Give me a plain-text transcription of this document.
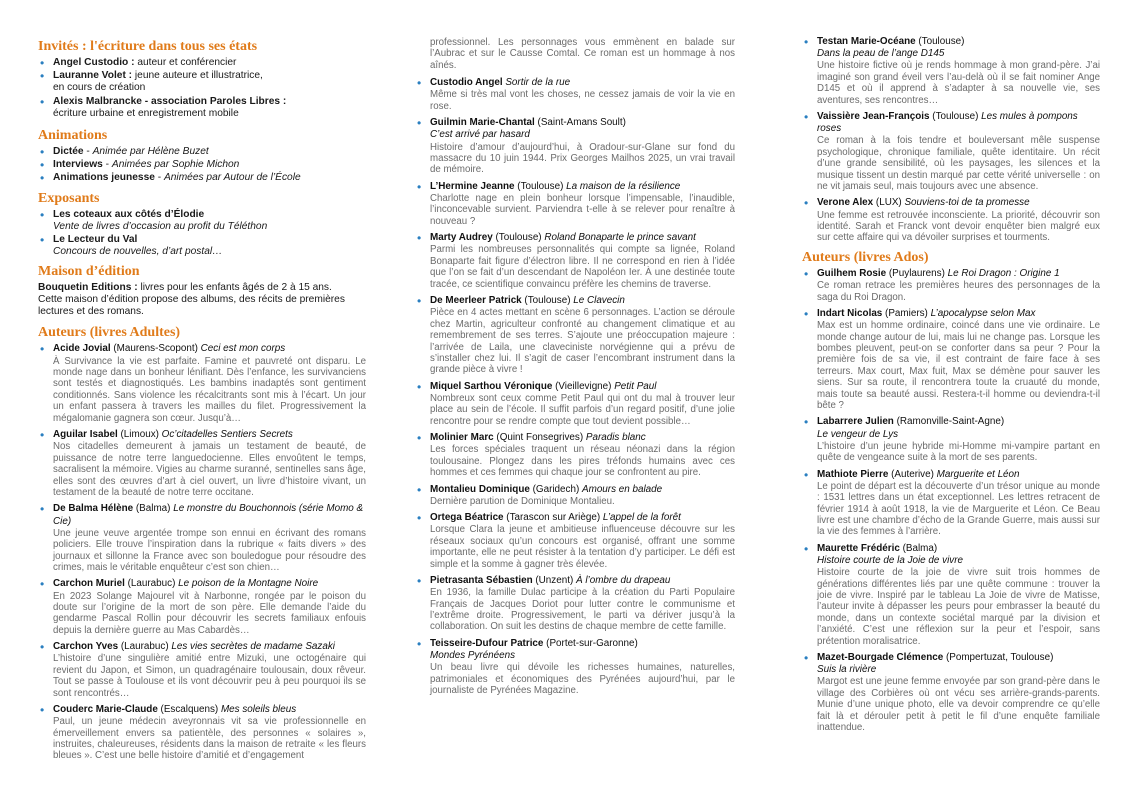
Invités : l'écriture dans tous ses états
• Angel Custodio : auteur et conférencier
• Lauranne Volet : jeune auteure et illustratrice,
en cours de création
• Alexis Malbrancke - association Paroles Libres :
écriture urbaine et enregistrement mobile
Animations
• Dictée - Animée par Hélène Buzet
• Interviews - Animées par Sophie Michon
• Animations jeunesse - Animées par Autour de l’École
Exposants
• Les coteaux aux côtés d’Élodie
Vente de livres d’occasion au profit du Téléthon
• Le Lecteur du Val
Concours de nouvelles, d’art postal…
Maison d’édition
Bouquetin Editions : livres pour les enfants âgés de 2 à 15 ans.
Cette maison d’édition propose des albums, des récits de premières lectures et des romans.
Auteurs (livres Adultes)
• Acide Jovial (Maurens-Scopont) Ceci est mon corps
À Survivance la vie est parfaite. Famine et pauvreté ont disparu. Le monde nage dans un bonheur lénifiant. Dès l’enfance, les survivanciens sont testés et diagnostiqués. Les bambins inadaptés sont gentiment conditionnés. Sans violence les récalcitrants sont mis à l’écart. Un jour un enfant passera à travers les mailles du filet. Progressivement la mégalomanie gagnera son cœur. Jusqu’à…
• Aguilar Isabel (Limoux) Oc’citadelles Sentiers Secrets
Nos citadelles demeurent à jamais un testament de beauté, de puissance de notre terre languedocienne. Elles envoûtent le temps, sacralisent la mémoire. Vigies au charme suranné, sentinelles sans âge, elles sont des œuvres d’art à ciel ouvert, un livre d’histoire vivant, un testament de la beauté de notre terre occitane.
• De Balma Hélène (Balma) Le monstre du Bouchonnois (série Momo & Cie)
Une jeune veuve argentée trompe son ennui en écrivant des romans policiers. Elle trouve l’inspiration dans la rubrique « faits divers » des journaux et sillonne la France avec son bouledogue pour résoudre des crimes, mais le véritable enquêteur c’est son chien…
• Carchon Muriel (Laurabuc) Le poison de la Montagne Noire
En 2023 Solange Majourel vit à Narbonne, rongée par le poison du doute sur l’origine de la mort de son père. Elle demande l’aide du gendarme Pascal Rollin pour découvrir les secrets familiaux enfouis depuis la dernière guerre au Mas Cabardès…
• Carchon Yves (Laurabuc) Les vies secrètes de madame Sazaki
L’histoire d’une singulière amitié entre Mizuki, une octogénaire qui revient du Japon, et Simon, un quadragénaire toulousain, doux rêveur. Tout se passe à Toulouse et ils vont découvrir peu à peu pourquoi ils se sont rencontrés…
• Couderc Marie-Claude (Escalquens) Mes soleils bleus
Paul, un jeune médecin aveyronnais vit sa vie professionnelle en émerveillement envers sa patientèle, des personnes « solaires », instruites, chaleureuses, résidents dans la maison de retraite « les fleurs bleues ». C’est une belle histoire d’amitié et d’engagement
professionnel. Les personnages vous emmènent en balade sur l’Aubrac et sur le Causse Comtal. Ce roman est un hommage à nos aînés.
• Custodio Angel Sortir de la rue
Même si très mal vont les choses, ne cessez jamais de voir la vie en rose.
• Guilmin Marie-Chantal (Saint-Amans Soult)
C’est arrivé par hasard
Histoire d’amour d’aujourd’hui, à Oradour-sur-Glane sur fond du massacre du 10 juin 1944. Prix Georges Mailhos 2025, un vrai travail de mémoire.
• L’Hermine Jeanne (Toulouse) La maison de la résilience
Charlotte nage en plein bonheur lorsque l’impensable, l’inaudible, l’inconcevable survient. Parviendra t-elle à se relever pour renaître à nouveau ?
• Marty Audrey (Toulouse) Roland Bonaparte le prince savant
Parmi les nombreuses personnalités qui compte sa lignée, Roland Bonaparte fait figure d’électron libre. Il ne correspond en rien à l’idée que l’on se fait d’un descendant de Napoléon Ier. À une destinée toute tracée, ce scientifique convaincu préfère les chemins de traverse.
• De Meerleer Patrick (Toulouse) Le Clavecin
Pièce en 4 actes mettant en scène 6 personnages. L’action se déroule chez Martin, agriculteur confronté au changement climatique et au remembrement de ses terres. S’ajoute une préoccupation majeure : l’arrivée de Laila, une claveciniste norvégienne qui a prévu de s’installer chez lui. Il s’agit de caser l’encombrant instrument dans la grande pièce à vivre !
• Miquel Sarthou Véronique (Vieillevigne) Petit Paul
Nombreux sont ceux comme Petit Paul qui ont du mal à trouver leur place au sein de l’école. Il suffit parfois d’un regard positif, d’une jolie rencontre pour se rendre compte que tout devient possible…
• Molinier Marc (Quint Fonsegrives) Paradis blanc
Les forces spéciales traquent un réseau néonazi dans la région toulousaine. Plongez dans les pires tréfonds humains avec ces hommes et ces femmes qui chaque jour se confrontent au pire.
• Montalieu Dominique (Garidech) Amours en balade
Dernière parution de Dominique Montalieu.
• Ortega Béatrice (Tarascon sur Ariège) L’appel de la forêt
Lorsque Clara la jeune et ambitieuse influenceuse découvre sur les réseaux sociaux qu’un concours est organisé, offrant une somme importante, elle ne peut résister à la tentation d’y participer. Le défi est simple et la somme à gagner très élevée.
• Pietrasanta Sébastien (Unzent) À l’ombre du drapeau
En 1936, la famille Dulac participe à la création du Parti Populaire Français de Jacques Doriot pour lutter contre le communisme et l’extrême droite. Progressivement, le parti va dériver jusqu’à la collaboration. On suit les destins de chaque membre de cette famille.
• Teisseire-Dufour Patrice (Portet-sur-Garonne)
Mondes Pyrénéens
Un beau livre qui dévoile les richesses humaines, naturelles, patrimoniales et économiques des Pyrénées aujourd’hui, par le journaliste de Pyrénées Magazine.
• Testan Marie-Océane (Toulouse)
Dans la peau de l’ange D145
Une histoire fictive où je rends hommage à mon grand-père. J’ai imaginé son grand éveil vers l’au-delà où il se fait nominer Ange D145 et où il apprend à s’adapter à sa nouvelle vie, ses aventures, ses rencontres…
• Vaissière Jean-François (Toulouse) Les mules à pompons roses
Ce roman à la fois tendre et bouleversant mêle suspense psychologique, chronique familiale, quête identitaire. Un récit d’une grande sensibilité, où les paysages, les silences et la musique tissent un destin marqué par cette vérité universelle : on ne vit jamais seul, mais toujours avec une absence.
• Verone Alex (LUX) Souviens-toi de ta promesse
Une femme est retrouvée inconsciente. La priorité, découvrir son identité. Sarah et Franck vont devoir enquêter bien malgré eux sur cette affaire qui va dévoiler surprises et tourments.
Auteurs (livres Ados)
• Guilhem Rosie (Puylaurens) Le Roi Dragon : Origine 1
Ce roman retrace les premières heures des personnages de la saga du Roi Dragon.
• Indart Nicolas (Pamiers) L’apocalypse selon Max
Max est un homme ordinaire, coincé dans une vie ordinaire. Le monde change autour de lui, mais lui ne change pas. Lorsque les bombes pleuvent, peut-on se conforter dans sa peur ? Pour la première fois de sa vie, il est contraint de faire face à ses terreurs. Max court, Max fuit, Max se démène pour sauver les siens. Sur sa route, il rencontrera toute la cruauté du monde, mais toute sa beauté aussi. Restera-t-il homme ou deviendra-t-il bête ?
• Labarrere Julien (Ramonville-Saint-Agne)
Le vengeur de Lys
L’histoire d’un jeune hybride mi-Homme mi-vampire partant en quête de vengeance suite à la mort de ses parents.
• Mathiote Pierre (Auterive) Marguerite et Léon
Le point de départ est la découverte d’un trésor unique au monde : 1531 lettres dans un état exceptionnel. Les lettres retracent de février 1914 à août 1918, la vie de Marguerite et Léon. Ce Beau livre est une chambre d’écho de la Grande Guerre, mais aussi sur la vie des femmes à l’arrière.
• Maurette Frédéric (Balma)
Histoire courte de la Joie de vivre
Histoire courte de la joie de vivre suit trois hommes de générations différentes liés par une quête commune : trouver la joie de vivre. Inspiré par le tableau La Joie de vivre de Matisse, l’auteur invite à dépasser les peurs pour embrasser la beauté du monde, dans un contexte sociétal marqué par la division et l’anxiété. C’est une réflexion sur la peur et l’espoir, sans prétention moralisatrice.
• Mazet-Bourgade Clémence (Pompertuzat, Toulouse)
Suis la rivière
Margot est une jeune femme envoyée par son grand-père dans le village des Corbières où ont vécu ses arrière-grands-parents. Munie d’une unique photo, elle va devoir comprendre ce qu’elle fait là et dérouler petit à petit le fil d’une enquête familiale inattendue.
